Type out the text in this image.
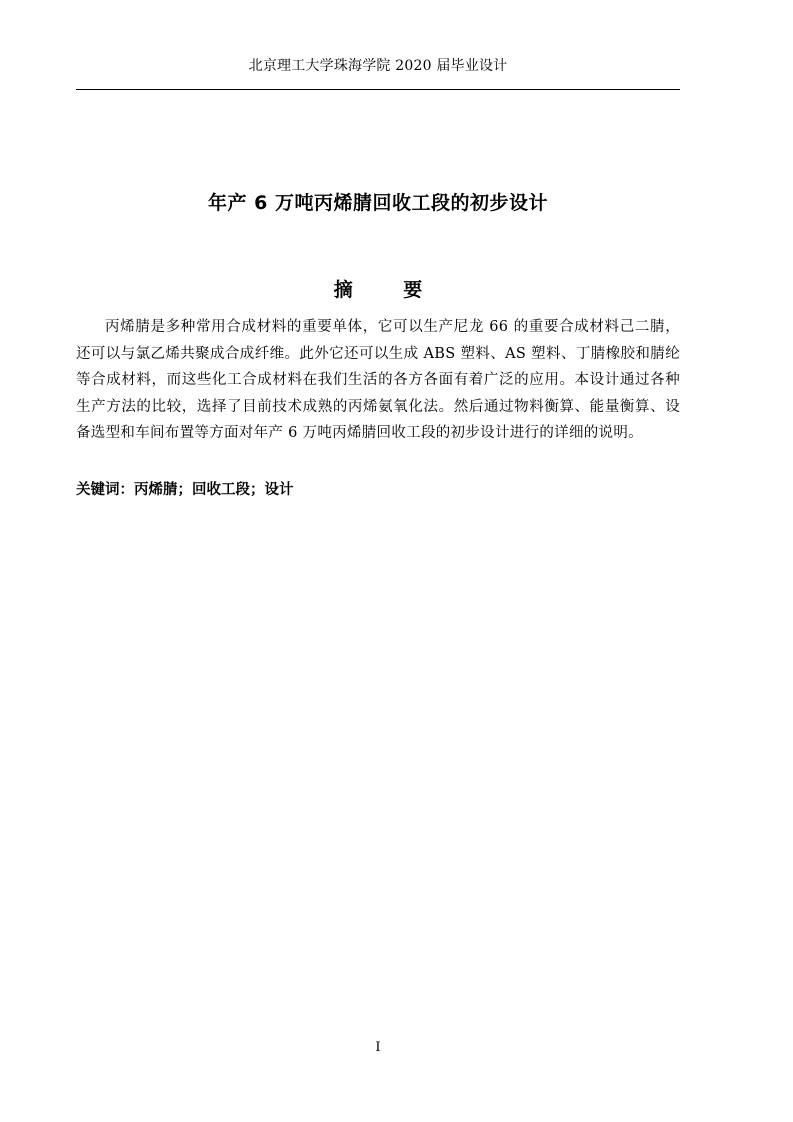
北京理工大学珠海学院 2020 届毕业设计
年产 6 万吨丙烯腈回收工段的初步设计
摘 要

丙烯腈是多种常用合成材料的重要单体，它可以生产尼龙 66 的重要合成材料己二腈，还可以与氯乙烯共聚成合成纤维。此外它还可以生成 ABS 塑料、AS 塑料、丁腈橡胶和腈纶等合成材料，而这些化工合成材料在我们生活的各方各面有着广泛的应用。本设计通过各种生产方法的比较，选择了目前技术成熟的丙烯氨氧化法。然后通过物料衡算、能量衡算、设备选型和车间布置等方面对年产 6 万吨丙烯腈回收工段的初步设计进行的详细的说明。

关键词：丙烯腈；回收工段；设计
I
